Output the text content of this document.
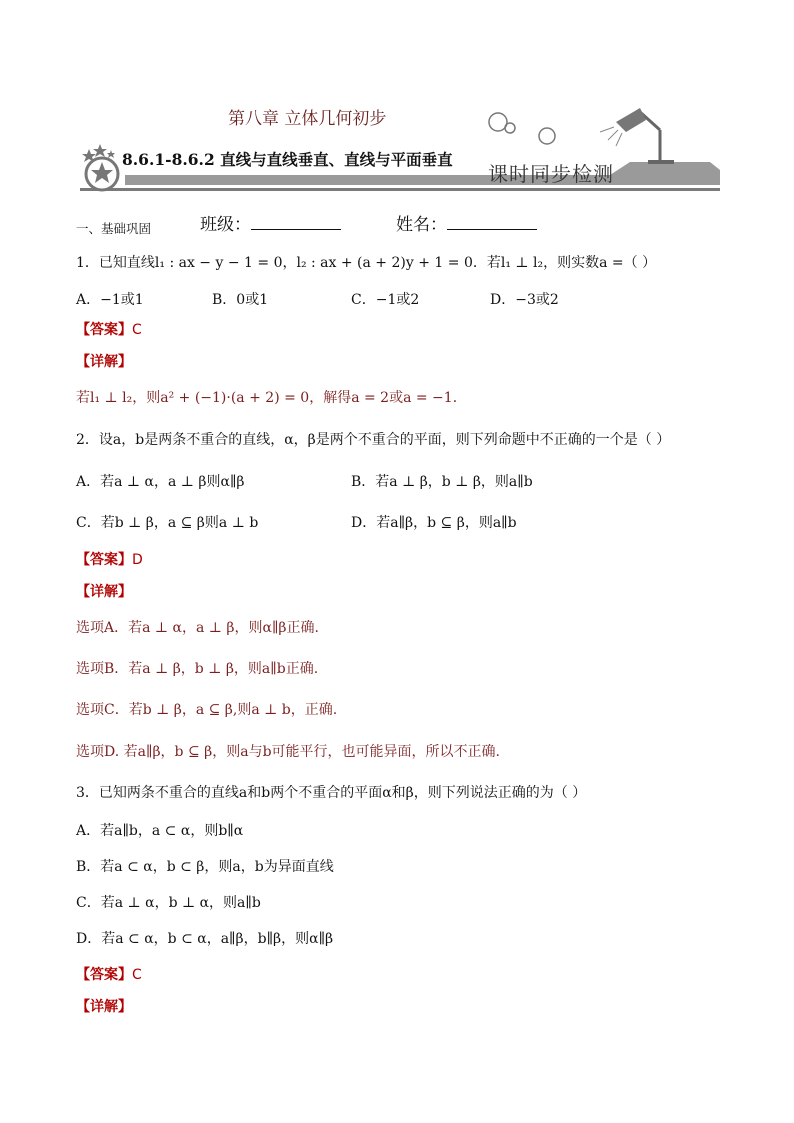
第八章 立体几何初步
8.6.1-8.6.2 直线与直线垂直、直线与平面垂直
课时同步检测
一、基础巩固	班级：	姓名：
1．已知直线l₁ : ax − y − 1 = 0，l₂ : ax + (a + 2)y + 1 = 0．若l₁ ⊥ l₂，则实数a =（ ）
A．−1或1	B．0或1	C．−1或2	D．−3或2
【答案】C
【详解】
若l₁ ⊥ l₂，则a² + (−1)·(a + 2) = 0，解得a = 2或a = −1．
2．设a，b是两条不重合的直线，α，β是两个不重合的平面，则下列命题中不正确的一个是（ ）
A．若a ⊥ α，a ⊥ β则α∥β	B．若a ⊥ β，b ⊥ β，则a∥b
C．若b ⊥ β，a ⊆ β则a ⊥ b	D．若a∥β，b ⊆ β，则a∥b
【答案】D
【详解】
选项A．若a ⊥ α，a ⊥ β，则α∥β正确.
选项B．若a ⊥ β，b ⊥ β，则a∥b正确.
选项C．若b ⊥ β，a ⊆ β,则a ⊥ b，正确.
选项D. 若a∥β，b ⊆ β，则a与b可能平行，也可能异面，所以不正确.
3．已知两条不重合的直线a和b两个不重合的平面α和β，则下列说法正确的为（ ）
A．若a∥b，a ⊂ α，则b∥α
B．若a ⊂ α，b ⊂ β，则a，b为异面直线
C．若a ⊥ α，b ⊥ α，则a∥b
D．若a ⊂ α，b ⊂ α，a∥β，b∥β，则α∥β
【答案】C
【详解】
